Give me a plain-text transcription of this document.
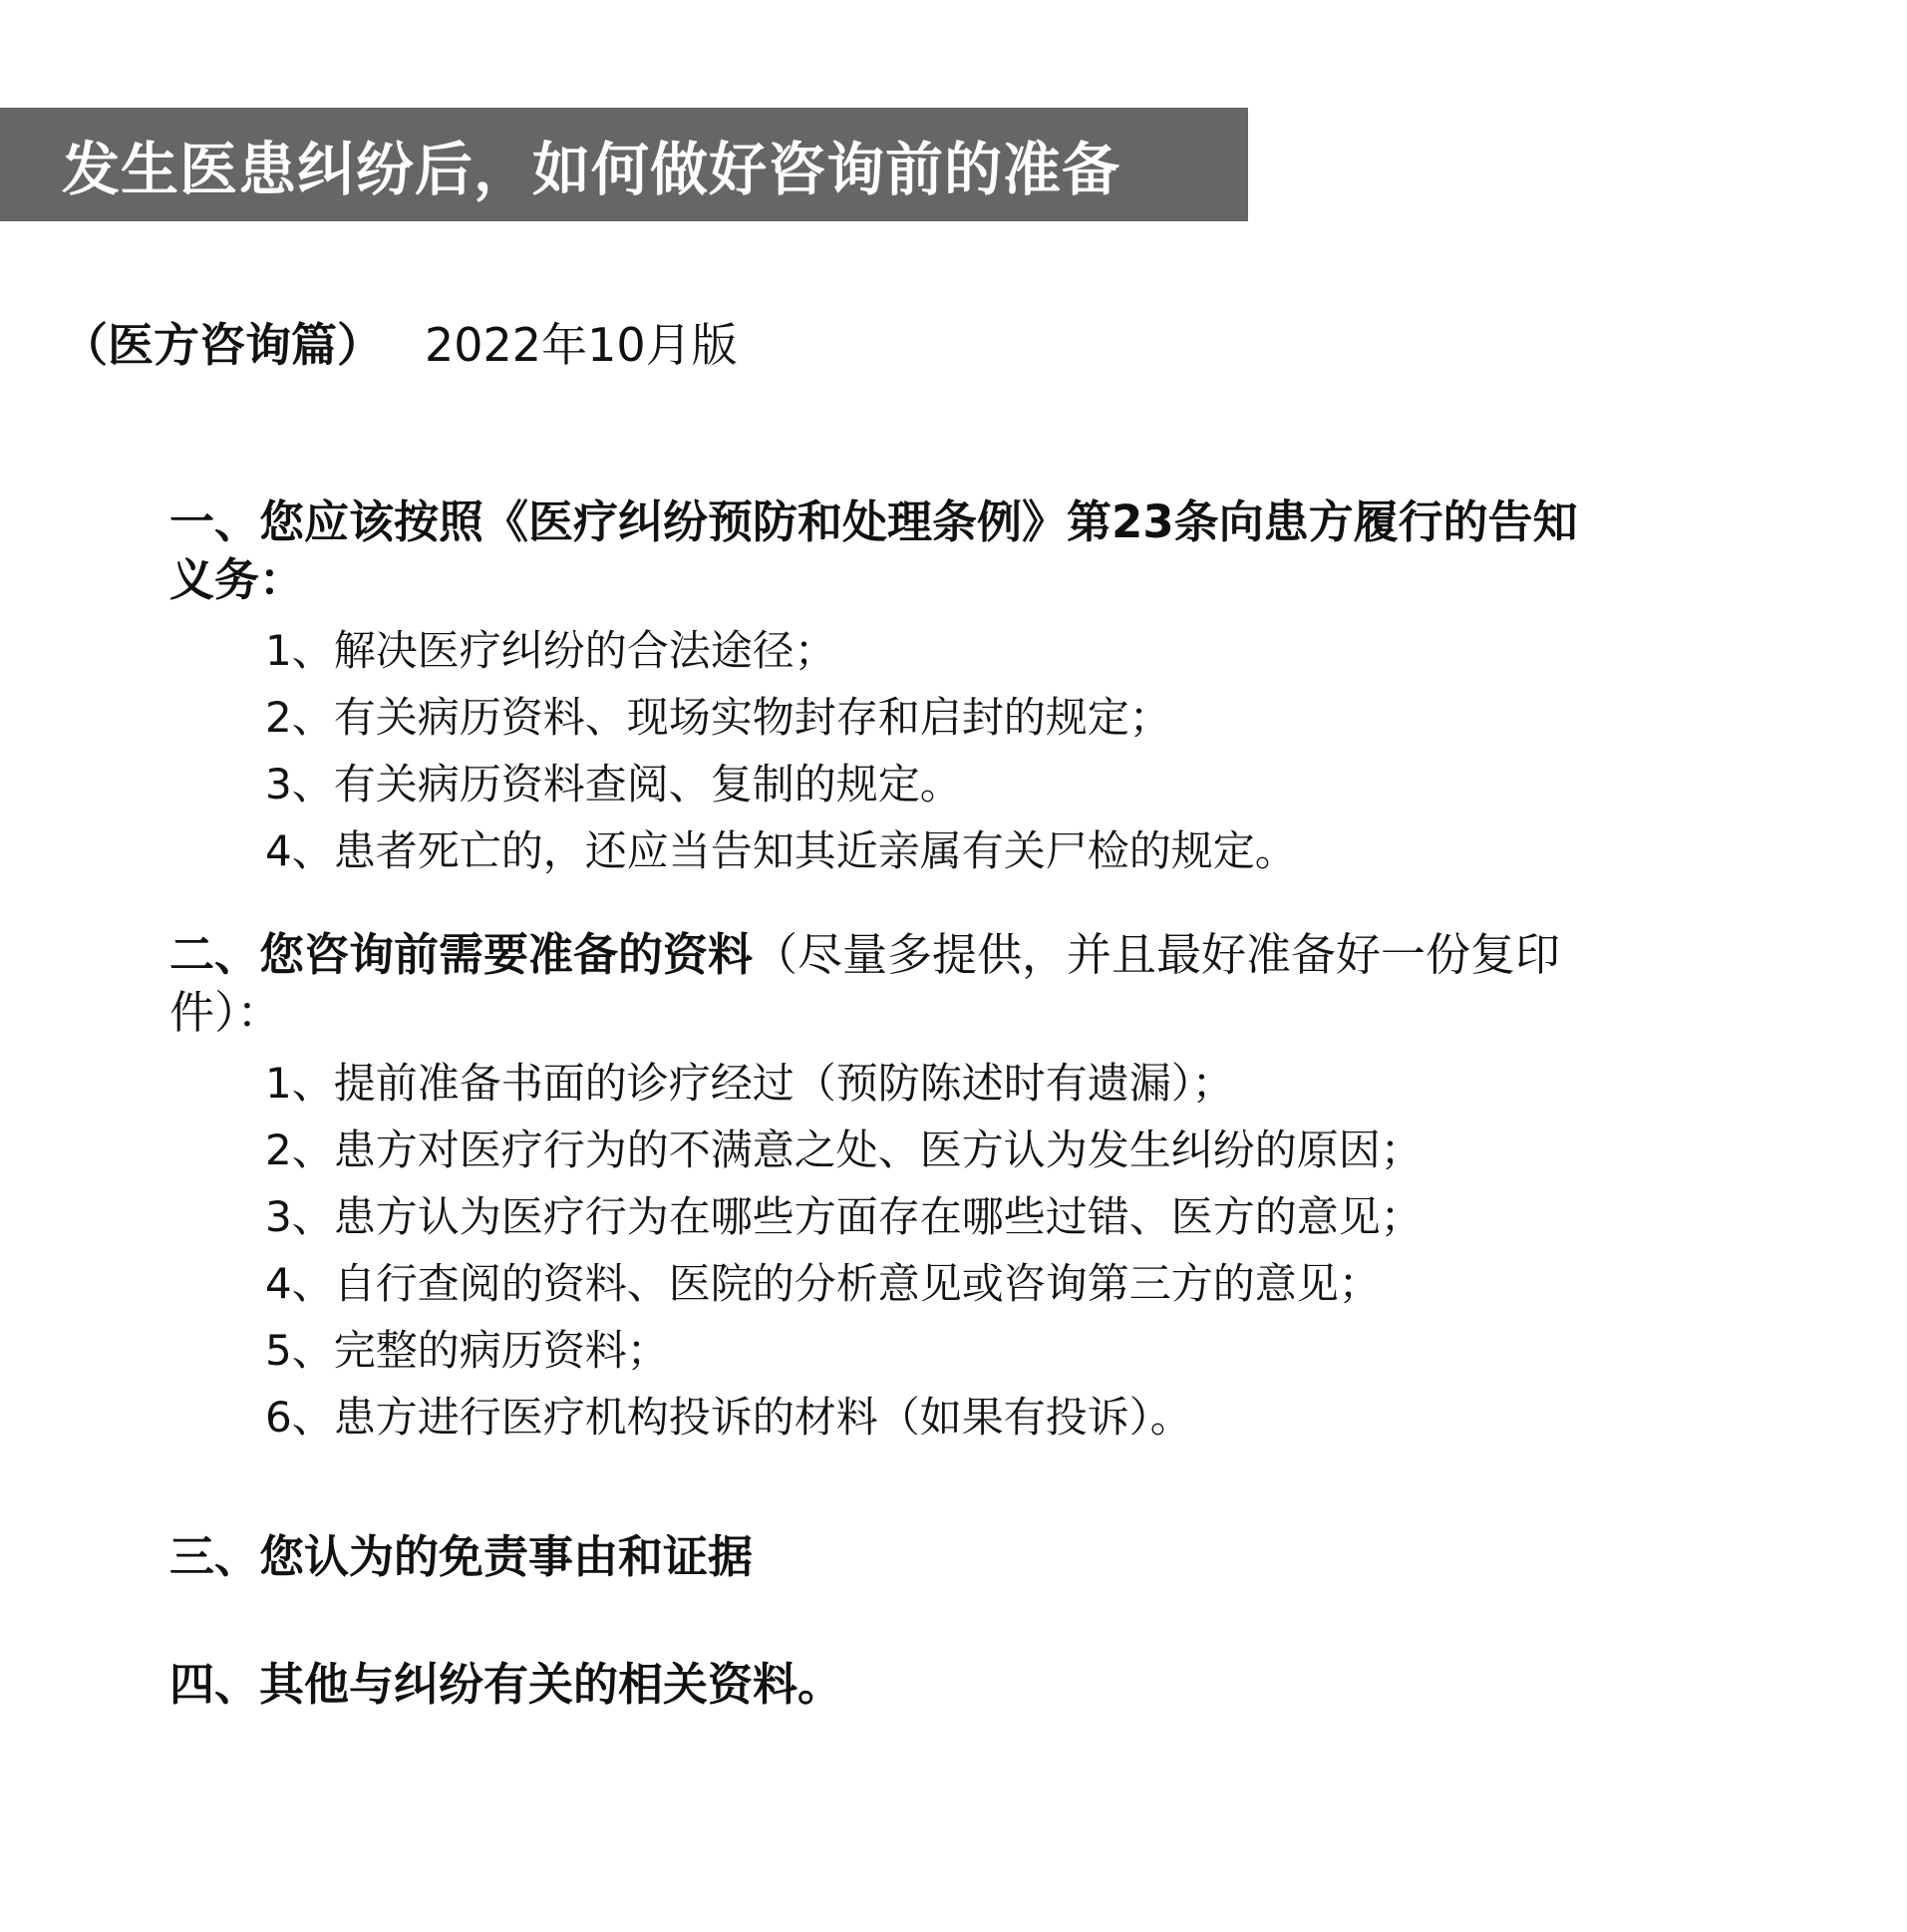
发生医患纠纷后，如何做好咨询前的准备
（医方咨询篇） 2022年10月版

一、您应该按照《医疗纠纷预防和处理条例》第23条向患方履行的告知义务：

1、解决医疗纠纷的合法途径；
2、有关病历资料、现场实物封存和启封的规定；
3、有关病历资料查阅、复制的规定。
4、患者死亡的，还应当告知其近亲属有关尸检的规定。

二、您咨询前需要准备的资料（尽量多提供，并且最好准备好一份复印件）：

1、提前准备书面的诊疗经过（预防陈述时有遗漏）；
2、患方对医疗行为的不满意之处、医方认为发生纠纷的原因；
3、患方认为医疗行为在哪些方面存在哪些过错、医方的意见；
4、自行查阅的资料、医院的分析意见或咨询第三方的意见；
5、完整的病历资料；
6、患方进行医疗机构投诉的材料（如果有投诉）。

三、您认为的免责事由和证据

四、其他与纠纷有关的相关资料。
